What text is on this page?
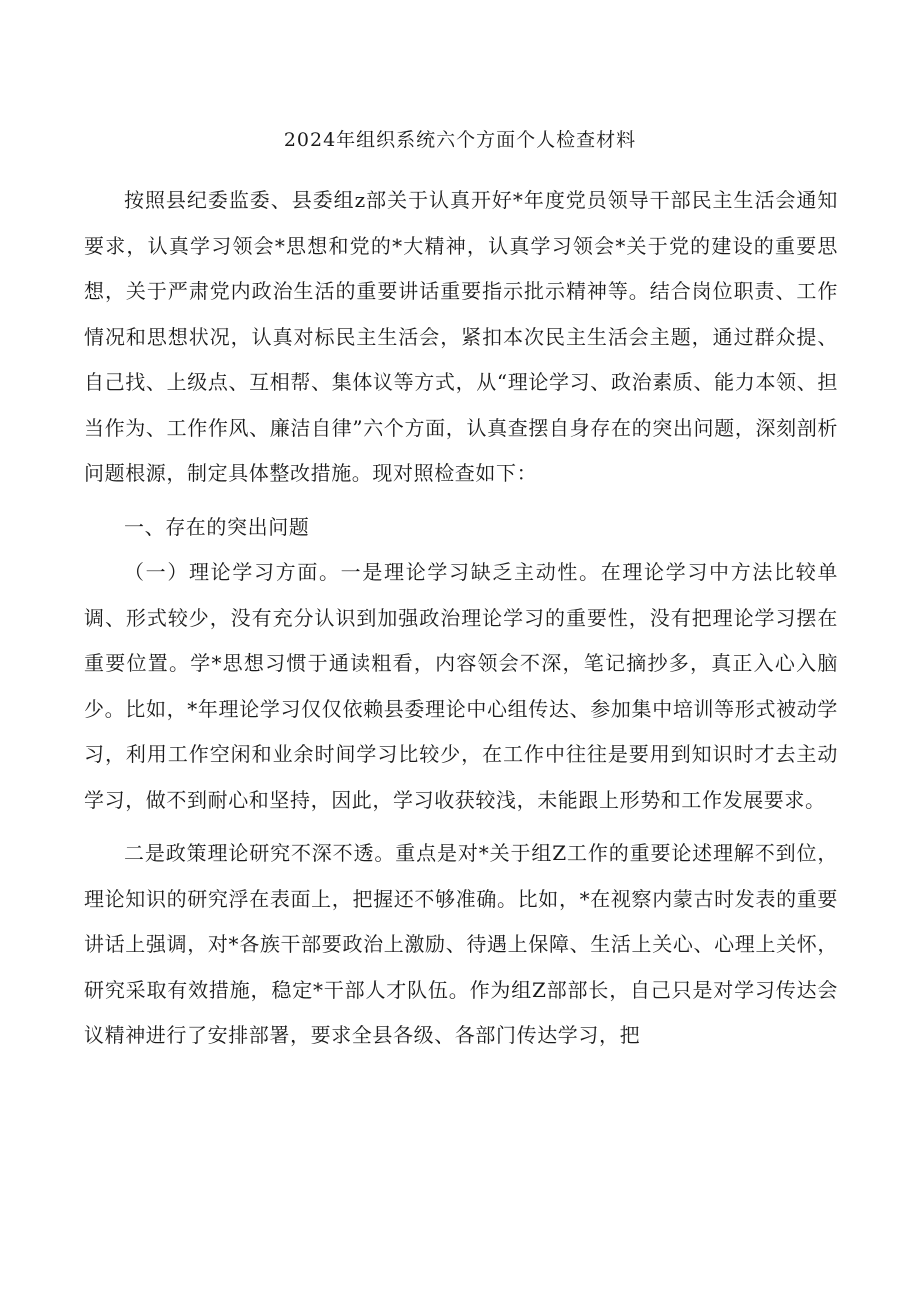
2024年组织系统六个方面个人检查材料

按照县纪委监委、县委组z部关于认真开好*年度党员领导干部民主生活会通知要求，认真学习领会*思想和党的*大精神，认真学习领会*关于党的建设的重要思想，关于严肃党内政治生活的重要讲话重要指示批示精神等。结合岗位职责、工作情况和思想状况，认真对标民主生活会，紧扣本次民主生活会主题，通过群众提、自己找、上级点、互相帮、集体议等方式，从“理论学习、政治素质、能力本领、担当作为、工作作风、廉洁自律”六个方面，认真查摆自身存在的突出问题，深刻剖析问题根源，制定具体整改措施。现对照检查如下：

一、存在的突出问题

（一）理论学习方面。一是理论学习缺乏主动性。在理论学习中方法比较单调、形式较少，没有充分认识到加强政治理论学习的重要性，没有把理论学习摆在重要位置。学*思想习惯于通读粗看，内容领会不深，笔记摘抄多，真正入心入脑少。比如，*年理论学习仅仅依赖县委理论中心组传达、参加集中培训等形式被动学习，利用工作空闲和业余时间学习比较少，在工作中往往是要用到知识时才去主动学习，做不到耐心和坚持，因此，学习收获较浅，未能跟上形势和工作发展要求。

二是政策理论研究不深不透。重点是对*关于组Z工作的重要论述理解不到位，理论知识的研究浮在表面上，把握还不够准确。比如，*在视察内蒙古时发表的重要讲话上强调，对*各族干部要政治上激励、待遇上保障、生活上关心、心理上关怀，研究采取有效措施，稳定*干部人才队伍。作为组Z部部长，自己只是对学习传达会议精神进行了安排部署，要求全县各级、各部门传达学习，把
